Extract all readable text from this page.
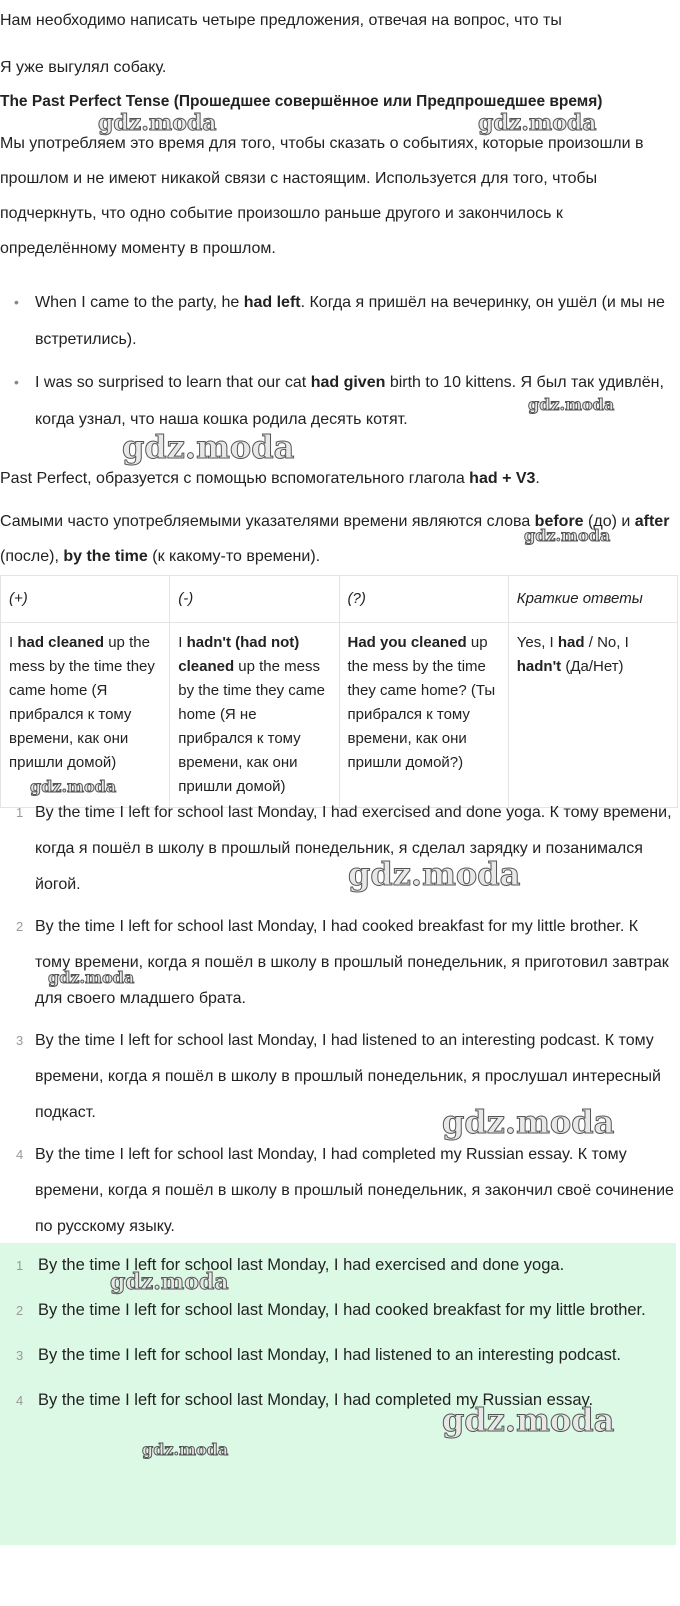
Нам необходимо написать четыре предложения, отвечая на вопрос, что ты
Я уже выгулял собаку.
The Past Perfect Tense (Прошедшее совершённое или Предпрошедшее время)
Мы употребляем это время для того, чтобы сказать о событиях, которые произошли в прошлом и не имеют никакой связи с настоящим. Используется для того, чтобы подчеркнуть, что одно событие произошло раньше другого и закончилось к определённому моменту в прошлом.
• When I came to the party, he had left. Когда я пришёл на вечеринку, он ушёл (и мы не встретились).
• I was so surprised to learn that our cat had given birth to 10 kittens. Я был так удивлён, когда узнал, что наша кошка родила десять котят.
Past Perfect, образуется с помощью вспомогательного глагола had + V3.
Самыми часто употребляемыми указателями времени являются слова before (до) и after (после), by the time (к какому-то времени).
(+)	(-)	(?)	Краткие ответы
I had cleaned up the mess by the time they came home (Я прибрался к тому времени, как они пришли домой)	I hadn't (had not) cleaned up the mess by the time they came home (Я не прибрался к тому времени, как они пришли домой)	Had you cleaned up the mess by the time they came home? (Ты прибрался к тому времени, как они пришли домой?)	Yes, I had / No, I hadn't (Да/Нет)
1 By the time I left for school last Monday, I had exercised and done yoga. К тому времени, когда я пошёл в школу в прошлый понедельник, я сделал зарядку и позанимался йогой.
2 By the time I left for school last Monday, I had cooked breakfast for my little brother. К тому времени, когда я пошёл в школу в прошлый понедельник, я приготовил завтрак для своего младшего брата.
3 By the time I left for school last Monday, I had listened to an interesting podcast. К тому времени, когда я пошёл в школу в прошлый понедельник, я прослушал интересный подкаст.
4 By the time I left for school last Monday, I had completed my Russian essay. К тому времени, когда я пошёл в школу в прошлый понедельник, я закончил своё сочинение по русскому языку.
1 By the time I left for school last Monday, I had exercised and done yoga.
2 By the time I left for school last Monday, I had cooked breakfast for my little brother.
3 By the time I left for school last Monday, I had listened to an interesting podcast.
4 By the time I left for school last Monday, I had completed my Russian essay.
gdz.moda	gdz.moda
gdz.moda
gdz.moda
gdz.moda
gdz.moda
gdz.moda
gdz.moda
gdz.moda
gdz.moda
gdz.moda
gdz.moda
